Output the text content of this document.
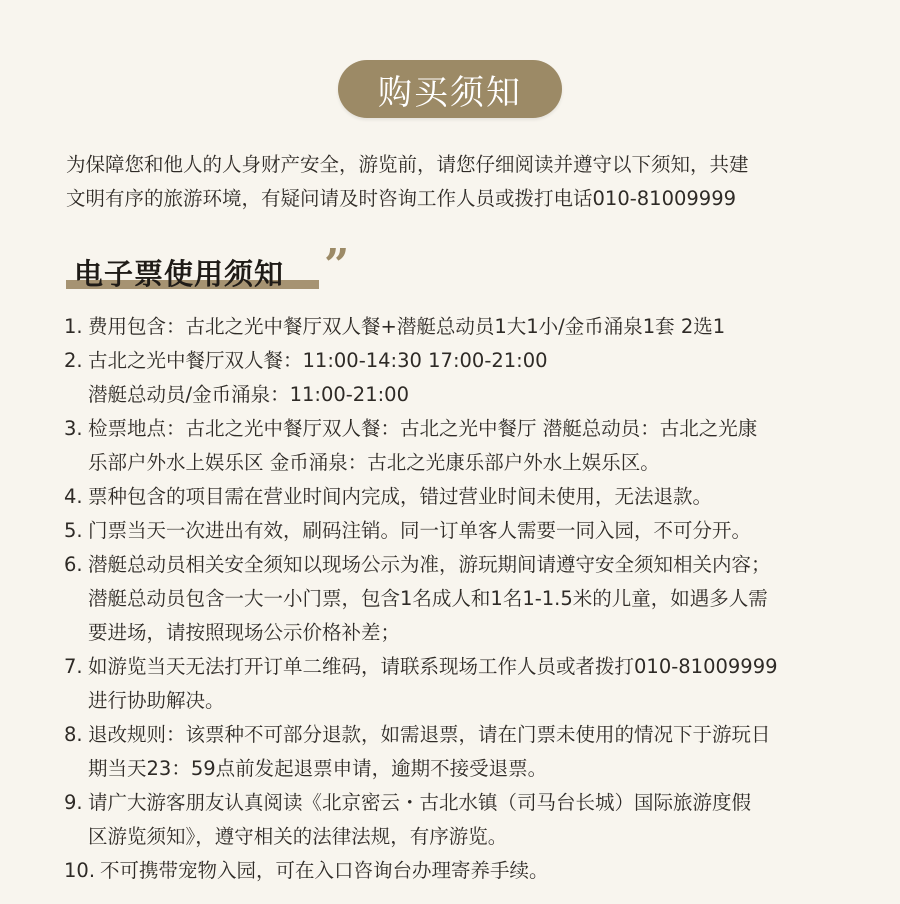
购买须知

为保障您和他人的人身财产安全，游览前，请您仔细阅读并遵守以下须知，共建

文明有序的旅游环境，有疑问请及时咨询工作人员或拨打电话010-81009999

电子票使用须知 ”
1. 费用包含：古北之光中餐厅双人餐+潜艇总动员1大1小/金币涌泉1套 2选1

2. 古北之光中餐厅双人餐：11:00-14:30 17:00-21:00

潜艇总动员/金币涌泉：11:00-21:00

3. 检票地点：古北之光中餐厅双人餐：古北之光中餐厅 潜艇总动员：古北之光康

乐部户外水上娱乐区 金币涌泉：古北之光康乐部户外水上娱乐区。

4. 票种包含的项目需在营业时间内完成，错过营业时间未使用，无法退款。

5. 门票当天一次进出有效，刷码注销。同一订单客人需要一同入园，不可分开。

6. 潜艇总动员相关安全须知以现场公示为准，游玩期间请遵守安全须知相关内容；

潜艇总动员包含一大一小门票，包含1名成人和1名1-1.5米的儿童，如遇多人需

要进场，请按照现场公示价格补差；

7. 如游览当天无法打开订单二维码，请联系现场工作人员或者拨打010-81009999

进行协助解决。

8. 退改规则：该票种不可部分退款，如需退票，请在门票未使用的情况下于游玩日

期当天23：59点前发起退票申请，逾期不接受退票。

9. 请广大游客朋友认真阅读《北京密云・古北水镇（司马台长城）国际旅游度假

区游览须知》，遵守相关的法律法规，有序游览。

10. 不可携带宠物入园，可在入口咨询台办理寄养手续。
